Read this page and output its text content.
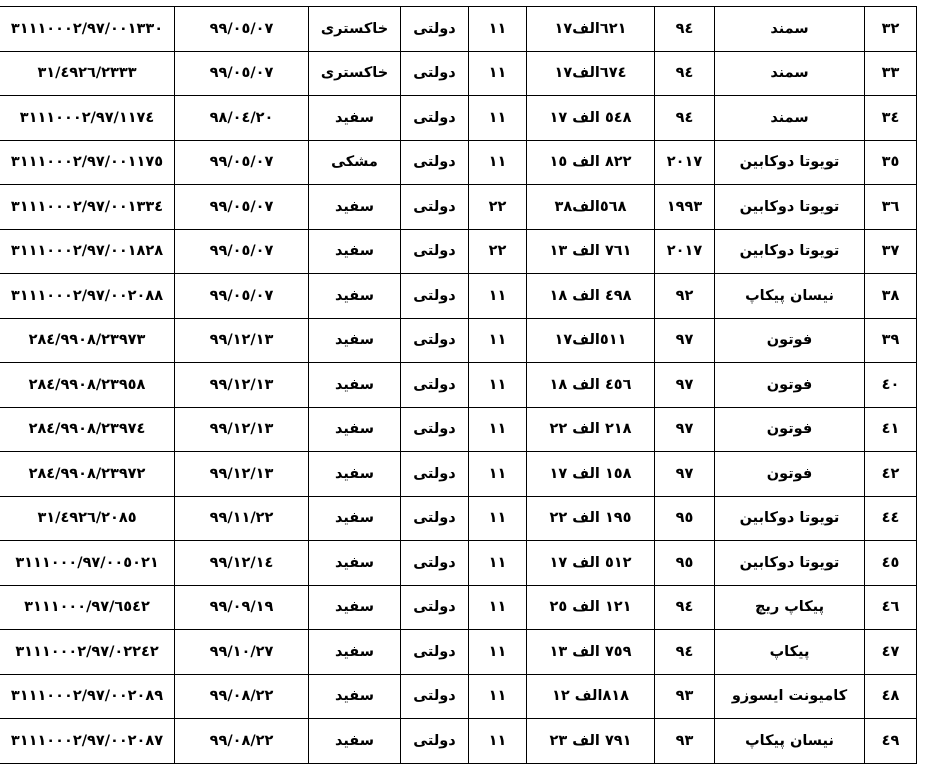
٣٢	سمند	٩٤	٦٢١الف١٧	١١	دولتی	خاکستری	٩٩/٠٥/٠٧	٣١١١٠٠٠٢/٩٧/٠٠١٣٣٠
٣٣	سمند	٩٤	٦٧٤الف١٧	١١	دولتی	خاکستری	٩٩/٠٥/٠٧	٣١/٤٩٢٦/٢٣٣٣
٣٤	سمند	٩٤	٥٤٨ الف ١٧	١١	دولتی	سفید	٩٨/٠٤/٢٠	٣١١١٠٠٠٢/٩٧/١١٧٤
٣٥	تویوتا دوکابین	٢٠١٧	٨٢٢ الف ١٥	١١	دولتی	مشکی	٩٩/٠٥/٠٧	٣١١١٠٠٠٢/٩٧/٠٠١١٧٥
٣٦	تویوتا دوکابین	١٩٩٣	٥٦٨الف٣٨	٢٢	دولتی	سفید	٩٩/٠٥/٠٧	٣١١١٠٠٠٢/٩٧/٠٠١٣٣٤
٣٧	تویوتا دوکابین	٢٠١٧	٧٦١ الف ١٣	٢٢	دولتی	سفید	٩٩/٠٥/٠٧	٣١١١٠٠٠٢/٩٧/٠٠١٨٢٨
٣٨	نیسان پیکاپ	٩٢	٤٩٨ الف ١٨	١١	دولتی	سفید	٩٩/٠٥/٠٧	٣١١١٠٠٠٢/٩٧/٠٠٢٠٨٨
٣٩	فوتون	٩٧	٥١١الف١٧	١١	دولتی	سفید	٩٩/١٢/١٣	٢٨٤/٩٩٠٨/٢٣٩٧٣
٤٠	فوتون	٩٧	٤٥٦ الف ١٨	١١	دولتی	سفید	٩٩/١٢/١٣	٢٨٤/٩٩٠٨/٢٣٩٥٨
٤١	فوتون	٩٧	٢١٨ الف ٢٢	١١	دولتی	سفید	٩٩/١٢/١٣	٢٨٤/٩٩٠٨/٢٣٩٧٤
٤٢	فوتون	٩٧	١٥٨ الف ١٧	١١	دولتی	سفید	٩٩/١٢/١٣	٢٨٤/٩٩٠٨/٢٣٩٧٢
٤٤	تویوتا دوکابین	٩٥	١٩٥ الف ٢٢	١١	دولتی	سفید	٩٩/١١/٢٢	٣١/٤٩٢٦/٢٠٨٥
٤٥	تویوتا دوکابین	٩٥	٥١٢ الف ١٧	١١	دولتی	سفید	٩٩/١٢/١٤	٣١١١٠٠٠/٩٧/٠٠٥٠٢١
٤٦	پیکاپ ریچ	٩٤	١٢١ الف ٢٥	١١	دولتی	سفید	٩٩/٠٩/١٩	٣١١١٠٠٠/٩٧/٦٥٤٢
٤٧	پیکاپ	٩٤	٧٥٩ الف ١٣	١١	دولتی	سفید	٩٩/١٠/٢٧	٣١١١٠٠٠٢/٩٧/٠٢٢٤٢
٤٨	کامیونت ایسوزو	٩٣	٨١٨الف ١٢	١١	دولتی	سفید	٩٩/٠٨/٢٢	٣١١١٠٠٠٢/٩٧/٠٠٢٠٨٩
٤٩	نیسان پیکاپ	٩٣	٧٩١ الف ٢٣	١١	دولتی	سفید	٩٩/٠٨/٢٢	٣١١١٠٠٠٢/٩٧/٠٠٢٠٨٧
